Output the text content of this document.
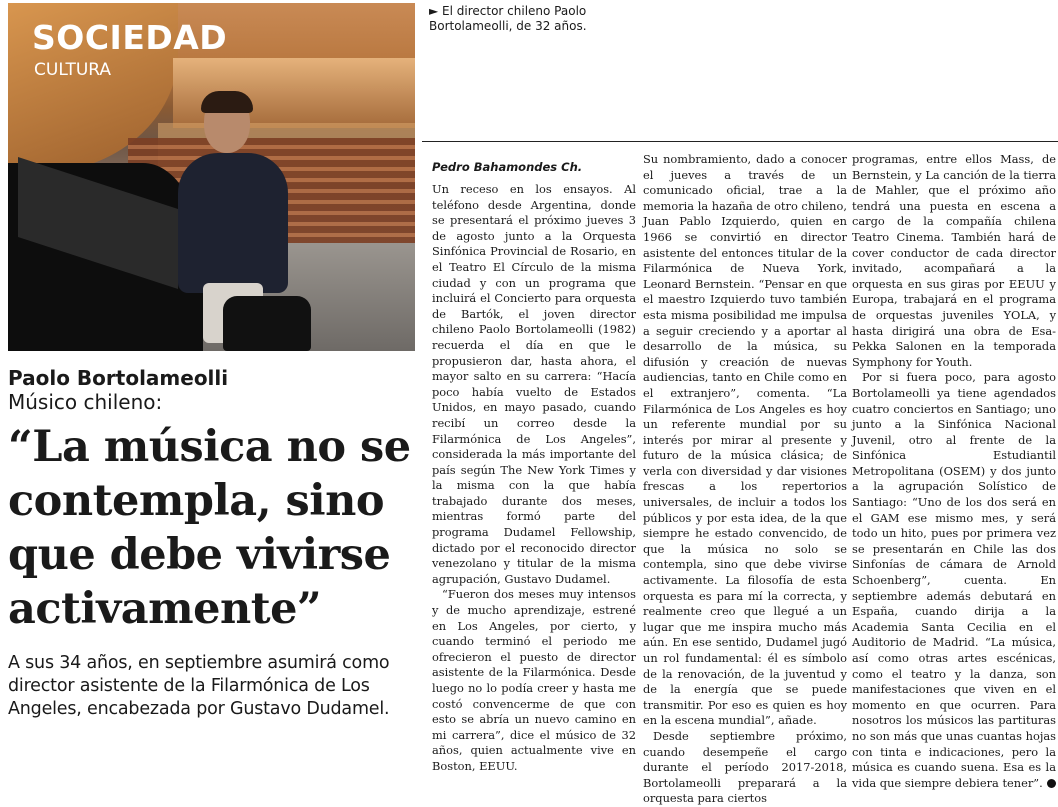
SOCIEDAD
CULTURA
► El director chileno Paolo Bortolameolli, de 32 años.
Paolo Bortolameolli
Músico chileno:
“La música no se contempla, sino que debe vivirse activamente”
A sus 34 años, en septiembre asumirá como director asistente de la Filarmónica de Los Angeles, encabezada por Gustavo Dudamel.
Pedro Bahamondes Ch.

Un receso en los ensayos. Al teléfono desde Argentina, donde se presentará el próximo jueves 3 de agosto junto a la Orquesta Sinfónica Provincial de Rosario, en el Teatro El Círculo de la misma ciudad y con un programa que incluirá el Concierto para orquesta de Bartók, el joven director chileno Paolo Bortolameolli (1982) recuerda el día en que le propusieron dar, hasta ahora, el mayor salto en su carrera: “Hacía poco había vuelto de Estados Unidos, en mayo pasado, cuando recibí un correo desde la Filarmónica de Los Angeles”, considerada la más importante del país según The New York Times y la misma con la que había trabajado durante dos meses, mientras formó parte del programa Dudamel Fellowship, dictado por el reconocido director venezolano y titular de la misma agrupación, Gustavo Dudamel.

“Fueron dos meses muy intensos y de mucho aprendizaje, estrené en Los Angeles, por cierto, y cuando terminó el periodo me ofrecieron el puesto de director asistente de la Filarmónica. Desde luego no lo podía creer y hasta me costó convencerme de que con esto se abría un nuevo camino en mi carrera”, dice el músico de 32 años, quien actualmente vive en Boston, EEUU.

Su nombramiento, dado a conocer el jueves a través de un comunicado oficial, trae a la memoria la hazaña de otro chileno, Juan Pablo Izquierdo, quien en 1966 se convirtió en director asistente del entonces titular de la Filarmónica de Nueva York, Leonard Bernstein. “Pensar en que el maestro Izquierdo tuvo también esta misma posibilidad me impulsa a seguir creciendo y a aportar al desarrollo de la música, su difusión y creación de nuevas audiencias, tanto en Chile como en el extranjero”, comenta. “La Filarmónica de Los Angeles es hoy un referente mundial por su interés por mirar al presente y futuro de la música clásica; de verla con diversidad y dar visiones frescas a los repertorios universales, de incluir a todos los públicos y por esta idea, de la que siempre he estado convencido, de que la música no solo se contempla, sino que debe vivirse activamente. La filosofía de esta orquesta es para mí la correcta, y realmente creo que llegué a un lugar que me inspira mucho más aún. En ese sentido, Dudamel jugó un rol fundamental: él es símbolo de la renovación, de la juventud y de la energía que se puede transmitir. Por eso es quien es hoy en la escena mundial”, añade.

Desde septiembre próximo, cuando desempeñe el cargo durante el período 2017-2018, Bortolameolli preparará a la orquesta para ciertos

programas, entre ellos Mass, de Bernstein, y La canción de la tierra de Mahler, que el próximo año tendrá una puesta en escena a cargo de la compañía chilena Teatro Cinema. También hará de cover conductor de cada director invitado, acompañará a la orquesta en sus giras por EEUU y Europa, trabajará en el programa de orquestas juveniles YOLA, y hasta dirigirá una obra de Esa-Pekka Salonen en la temporada Symphony for Youth.

Por si fuera poco, para agosto Bortolameolli ya tiene agendados cuatro conciertos en Santiago; uno junto a la Sinfónica Nacional Juvenil, otro al frente de la Sinfónica Estudiantil Metropolitana (OSEM) y dos junto a la agrupación Solístico de Santiago: “Uno de los dos será en el GAM ese mismo mes, y será todo un hito, pues por primera vez se presentarán en Chile las dos Sinfonías de cámara de Arnold Schoenberg”, cuenta. En septiembre además debutará en España, cuando dirija a la Academia Santa Cecilia en el Auditorio de Madrid. “La música, así como otras artes escénicas, como el teatro y la danza, son manifestaciones que viven en el momento en que ocurren. Para nosotros los músicos las partituras no son más que unas cuantas hojas con tinta e indicaciones, pero la música es cuando suena. Esa es la vida que siempre debiera tener”.
